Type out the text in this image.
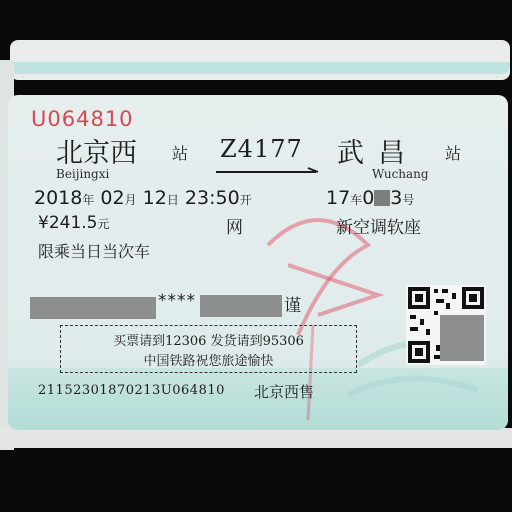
U064810
北京西 站
Beijingxi
Z4177 武昌 站
Wuchang
2018年 02月 12日 23:50开	17车0 3号
¥241.5元	网	新空调软座
限乘当日当次车
****	谨
买票请到12306 发货请到95306
中国铁路祝您旅途愉快
21152301870213U064810 北京西售
